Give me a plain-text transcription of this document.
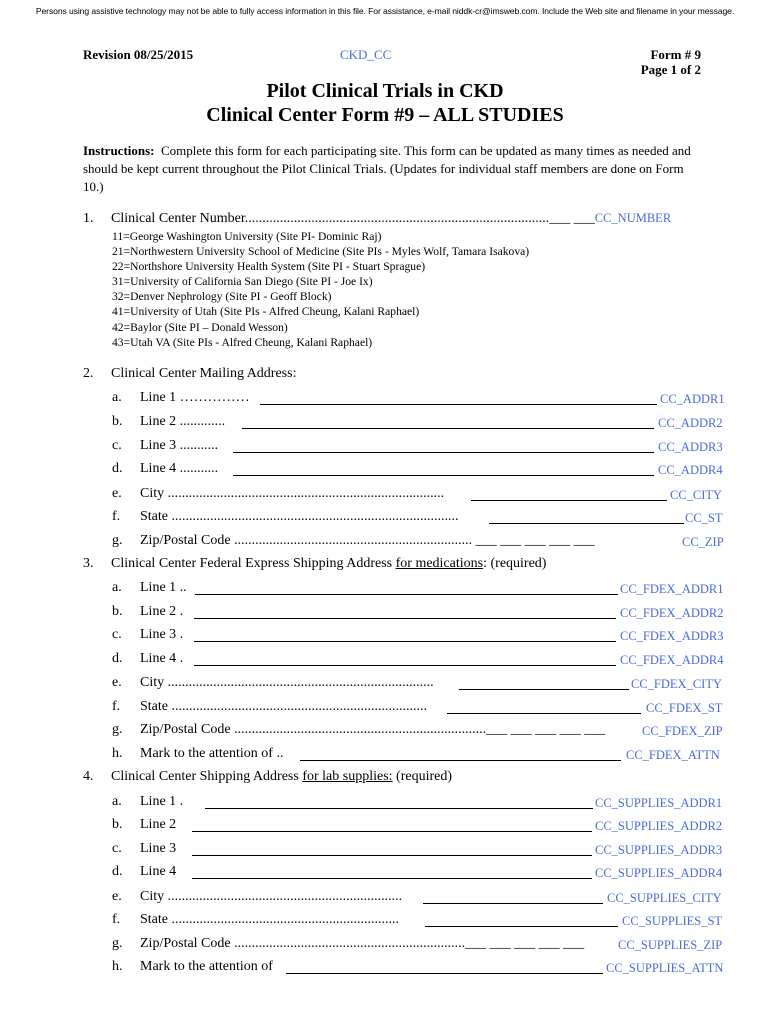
Persons using assistive technology may not be able to fully access information in this file. For assistance, e-mail niddk-cr@imsweb.com. Include the Web site and filename in your message.
Revision 08/25/2015	CKD_CC	Form # 9
Page 1 of 2
Pilot Clinical Trials in CKD
Clinical Center Form #9 – ALL STUDIES
Instructions: Complete this form for each participating site. This form can be updated as many times as needed and should be kept current throughout the Pilot Clinical Trials. (Updates for individual staff members are done on Form 10.)
1. Clinical Center Number.......................................................................................___ ___CC_NUMBER
11=George Washington University (Site PI- Dominic Raj)
21=Northwestern University School of Medicine (Site PIs - Myles Wolf, Tamara Isakova)
22=Northshore University Health System (Site PI - Stuart Sprague)
31=University of California San Diego (Site PI - Joe Ix)
32=Denver Nephrology (Site PI - Geoff Block)
41=University of Utah (Site PIs - Alfred Cheung, Kalani Raphael)
42=Baylor (Site PI – Donald Wesson)
43=Utah VA (Site PIs - Alfred Cheung, Kalani Raphael)
2. Clinical Center Mailing Address:
a. Line 1 ……………	CC_ADDR1
b. Line 2 .............	CC_ADDR2
c. Line 3 ...........	CC_ADDR3
d. Line 4 ...........	CC_ADDR4
e. City ...............................................................................	CC_CITY
f. State ..................................................................................	CC_ST
g. Zip/Postal Code .................................................................... ___ ___ ___ ___ ___	CC_ZIP
3. Clinical Center Federal Express Shipping Address for medications: (required)
a. Line 1 ..	CC_FDEX_ADDR1
b. Line 2 .	CC_FDEX_ADDR2
c. Line 3 .	CC_FDEX_ADDR3
d. Line 4 .	CC_FDEX_ADDR4
e. City ............................................................................	CC_FDEX_CITY
f. State .........................................................................	CC_FDEX_ST
g. Zip/Postal Code ........................................................................___ ___ ___ ___ ___	CC_FDEX_ZIP
h. Mark to the attention of ..	CC_FDEX_ATTN
4. Clinical Center Shipping Address for lab supplies: (required)
a. Line 1 .	CC_SUPPLIES_ADDR1
b. Line 2	CC_SUPPLIES_ADDR2
c. Line 3	CC_SUPPLIES_ADDR3
d. Line 4	CC_SUPPLIES_ADDR4
e. City ...................................................................	CC_SUPPLIES_CITY
f. State .................................................................	CC_SUPPLIES_ST
g. Zip/Postal Code ..................................................................___ ___ ___ ___ ___	CC_SUPPLIES_ZIP
h. Mark to the attention of	CC_SUPPLIES_ATTN
